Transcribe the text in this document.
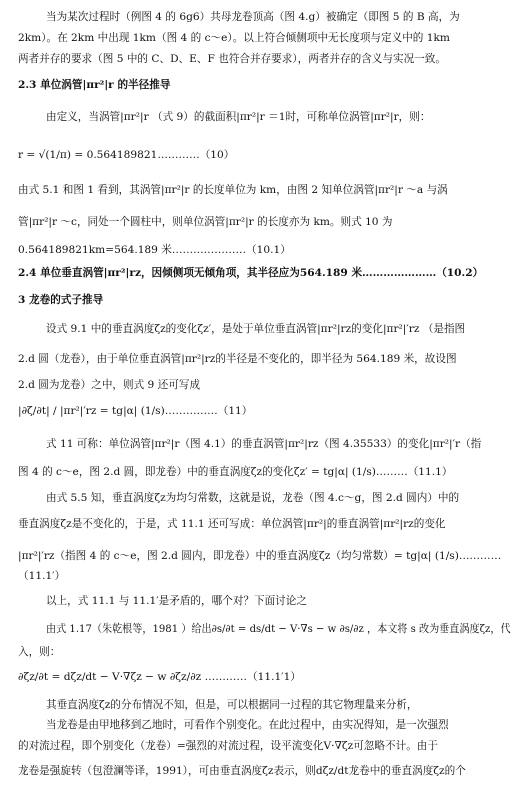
当为某次过程时（例图 4 的 6g6）共母龙卷顶高（图 4.g）被确定（即图 5 的 B 高，为
2km）。在 2km 中出现 1km（图 4 的 c～e）。以上符合倾侧项中无长度项与定义中的 1km
两者并存的要求（图 5 中的 C、D、E、F 也符合并存要求），两者并存的含义与实况一致。
2.3 单位涡管|πr²|r 的半径推导
由定义，当涡管|πr²|r （式 9）的截面积|πr²|r ＝1时，可称单位涡管|πr²|r，则：
r = √(1/π) = 0.564189821…………（10）
由式 5.1 和图 1 看到，其涡管|πr²|r 的长度单位为 km，由图 2 知单位涡管|πr²|r ～a 与涡
管|πr²|r ～c，同处一个圆柱中，则单位涡管|πr²|r 的长度亦为 km。则式 10 为
0.564189821km=564.189 米…………………（10.1）
2.4 单位垂直涡管|πr²|rz，因倾侧项无倾角项，其半径应为564.189 米…………………（10.2）
3 龙卷的式子推导
设式 9.1 中的垂直涡度ζz的变化ζz′，是处于单位垂直涡管|πr²|rz的变化|πr²|′rz （是指图
2.d 圆（龙卷），由于单位垂直涡管|πr²|rz的半径是不变化的，即半径为 564.189 米，故设图
2.d 圆为龙卷）之中，则式 9 还可写成
|∂ζ/∂t| / |πr²|′rz = tg|α| (1/s)……………（11）
式 11 可称：单位涡管|πr²|r（图 4.1）的垂直涡管|πr²|rz（图 4.35533）的变化|πr²|′r（指
图 4 的 c～e，图 2.d 圆，即龙卷）中的垂直涡度ζz的变化ζz′ = tg|α| (1/s)………（11.1）
由式 5.5 知，垂直涡度ζz为均匀常数，这就是说，龙卷（图 4.c～g，图 2.d 圆内）中的
垂直涡度ζz是不变化的，于是，式 11.1 还可写成：单位涡管|πr²|的垂直涡管|πr²|rz的变化
|πr²|′rz（指图 4 的 c～e，图 2.d 圆内，即龙卷）中的垂直涡度ζz（均匀常数）= tg|α| (1/s)…………
（11.1′）
以上，式 11.1 与 11.1′是矛盾的，哪个对？下面讨论之
由式 1.17（朱乾根等，1981 ）给出∂s/∂t = ds/dt − V·∇s − w ∂s/∂z ，本文将 s 改为垂直涡度ζz，代
入，则：
∂ζz/∂t = dζz/dt − V·∇ζz − w ∂ζz/∂z …………（11.1′1）
其垂直涡度ζz的分布情况不知，但是，可以根据同一过程的其它物理量来分析，
当龙卷是由甲地移到乙地时，可看作个别变化。在此过程中，由实况得知，是一次强烈
的对流过程，即个别变化（龙卷）=强烈的对流过程，设平流变化V·∇ζz可忽略不计。由于
龙卷是强旋转（包澄澜等译，1991），可由垂直涡度ζz表示，则dζz/dt龙卷中的垂直涡度ζz的个
